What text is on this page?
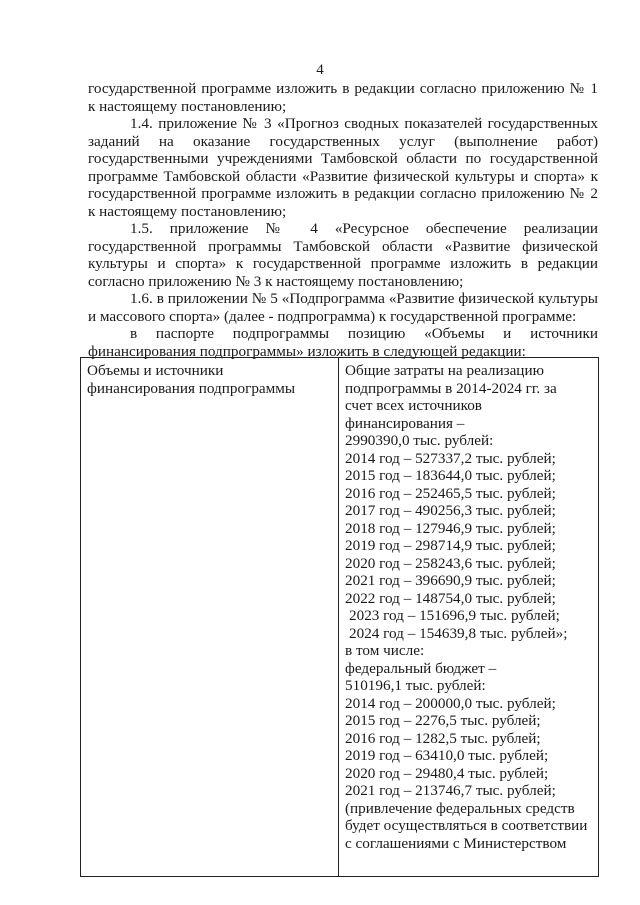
4
государственной программе изложить в редакции согласно приложению № 1
к настоящему постановлению;
1.4. приложение № 3 «Прогноз сводных показателей государственных
заданий на оказание государственных услуг (выполнение работ)
государственными учреждениями Тамбовской области по государственной
программе Тамбовской области «Развитие физической культуры и спорта» к
государственной программе изложить в редакции согласно приложению № 2
к настоящему постановлению;
1.5. приложение № 4 «Ресурсное обеспечение реализации
государственной программы Тамбовской области «Развитие физической
культуры и спорта» к государственной программе изложить в редакции
согласно приложению № 3 к настоящему постановлению;
1.6. в приложении № 5 «Подпрограмма «Развитие физической культуры
и массового спорта» (далее - подпрограмма) к государственной программе:
в паспорте подпрограммы позицию «Объемы и источники
финансирования подпрограммы» изложить в следующей редакции:
Объемы и источники
финансирования подпрограммы
Общие затраты на реализацию
подпрограммы в 2014-2024 гг. за
счет всех источников
финансирования –
2990390,0 тыс. рублей:
2014 год – 527337,2 тыс. рублей;
2015 год – 183644,0 тыс. рублей;
2016 год – 252465,5 тыс. рублей;
2017 год – 490256,3 тыс. рублей;
2018 год – 127946,9 тыс. рублей;
2019 год – 298714,9 тыс. рублей;
2020 год – 258243,6 тыс. рублей;
2021 год – 396690,9 тыс. рублей;
2022 год – 148754,0 тыс. рублей;
2023 год – 151696,9 тыс. рублей;
2024 год – 154639,8 тыс. рублей»;
в том числе:
федеральный бюджет –
510196,1 тыс. рублей:
2014 год – 200000,0 тыс. рублей;
2015 год – 2276,5 тыс. рублей;
2016 год – 1282,5 тыс. рублей;
2019 год – 63410,0 тыс. рублей;
2020 год – 29480,4 тыс. рублей;
2021 год – 213746,7 тыс. рублей;
(привлечение федеральных средств
будет осуществляться в соответствии
с соглашениями с Министерством
